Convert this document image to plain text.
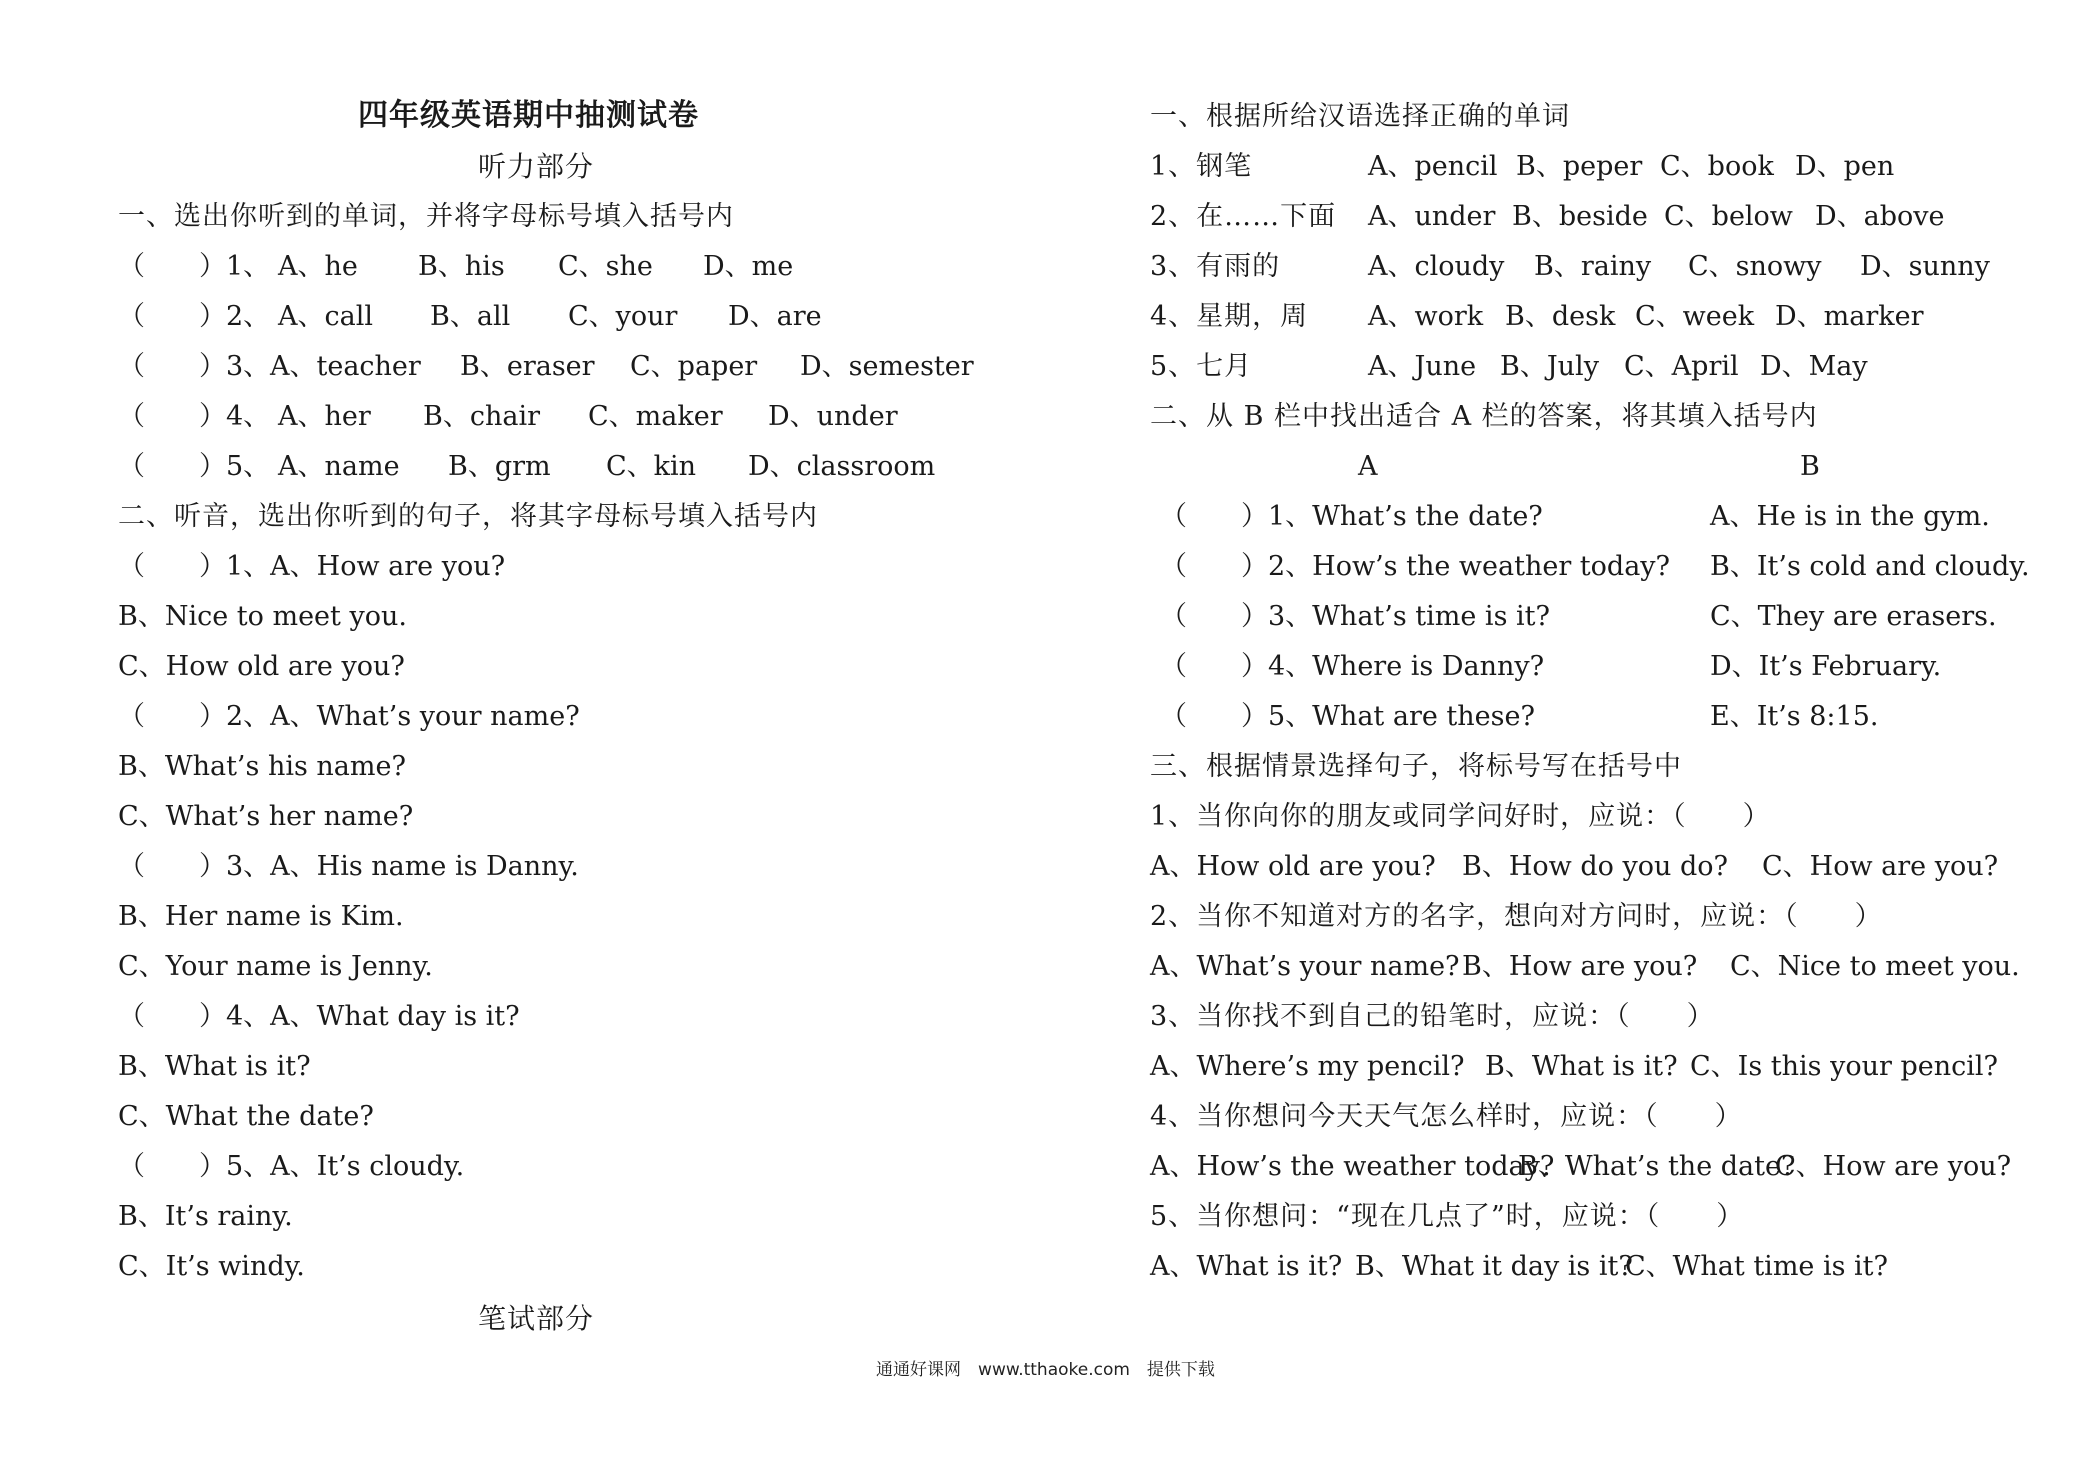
四年级英语期中抽测试卷
听力部分
一、选出你听到的单词，并将字母标号填入括号内
（　　）1、 A、he B、his C、she D、me
（　　）2、 A、call B、all C、your D、are
（　　）3、 A、teacher B、eraser C、paper D、semester
（　　）4、 A、her B、chair C、maker D、under
（　　）5、 A、name B、grm C、kin D、classroom
二、听音，选出你听到的句子，将其字母标号填入括号内
（　　）1、A、How are you?
B、Nice to meet you.
C、How old are you?
（　　）2、A、What’s your name?
B、What’s his name?
C、What’s her name?
（　　）3、A、His name is Danny.
B、Her name is Kim.
C、Your name is Jenny.
（　　）4、A、What day is it?
B、What is it?
C、What the date?
（　　）5、A、It’s cloudy.
B、It’s rainy.
C、It’s windy.
笔试部分
一、根据所给汉语选择正确的单词
1、钢笔	A、pencil B、peper C、book D、pen
2、在……下面 A、under B、beside C、below D、above
3、有雨的	A、cloudy B、rainy C、snowy D、sunny
4、星期，周 A、work B、desk C、week D、marker
5、七月	A、June B、July C、April D、May
二、从 B 栏中找出适合 A 栏的答案，将其填入括号内
A	B
（　　）1、What’s the date?	A、He is in the gym.
（　　）2、How’s the weather today? B、It’s cold and cloudy.
（　　）3、What’s time is it?	C、They are erasers.
（　　）4、Where is Danny?	D、It’s February.
（　　）5、What are these?	E、It’s 8:15.
三、根据情景选择句子，将标号写在括号中
1、当你向你的朋友或同学问好时，应说：（　　）
A、How old are you? B、How do you do? C、How are you?
2、当你不知道对方的名字，想向对方问时，应说：（　　）
A、What’s your name? B、How are you? C、Nice to meet you.
3、当你找不到自己的铅笔时，应说：（　　）
A、Where’s my pencil? B、What is it? C、Is this your pencil?
4、当你想问今天天气怎么样时，应说：（　　）
A、How’s the weather today?
B、What’s the date?
C、How are you?
5、当你想问：“现在几点了”时，应说：（　　）
A、What is it? B、What it day is it?
C、What time is it?
通通好课网　www.tthaoke.com　提供下载
